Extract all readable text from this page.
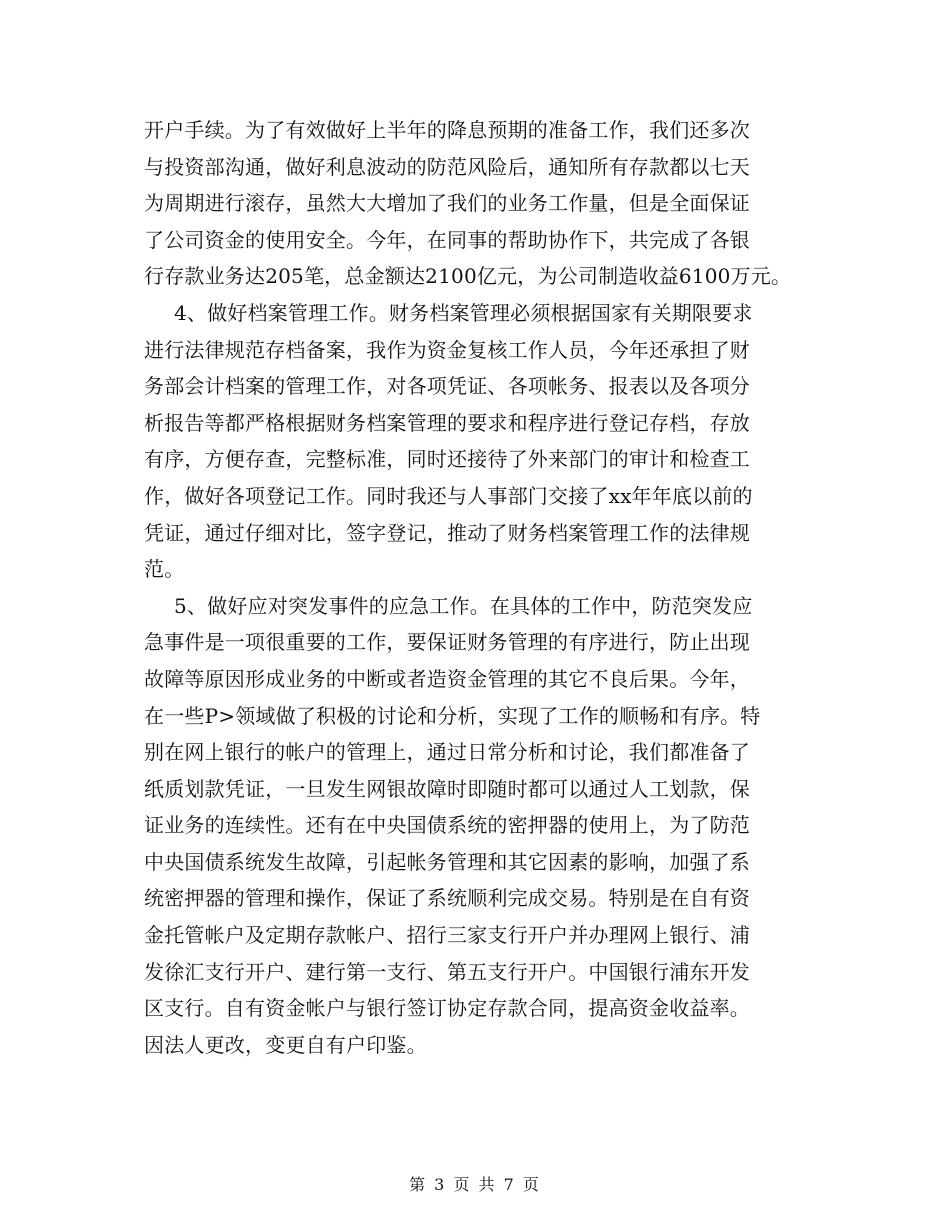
开户手续。为了有效做好上半年的降息预期的准备工作，我们还多次
与投资部沟通，做好利息波动的防范风险后，通知所有存款都以七天
为周期进行滚存，虽然大大增加了我们的业务工作量，但是全面保证
了公司资金的使用安全。今年，在同事的帮助协作下，共完成了各银
行存款业务达205笔，总金额达2100亿元，为公司制造收益6100万元。
4、做好档案管理工作。财务档案管理必须根据国家有关期限要求
进行法律规范存档备案，我作为资金复核工作人员，今年还承担了财
务部会计档案的管理工作，对各项凭证、各项帐务、报表以及各项分
析报告等都严格根据财务档案管理的要求和程序进行登记存档，存放
有序，方便存查，完整标准，同时还接待了外来部门的审计和检查工
作，做好各项登记工作。同时我还与人事部门交接了xx年年底以前的
凭证，通过仔细对比，签字登记，推动了财务档案管理工作的法律规
范。
5、做好应对突发事件的应急工作。在具体的工作中，防范突发应
急事件是一项很重要的工作，要保证财务管理的有序进行，防止出现
故障等原因形成业务的中断或者造资金管理的其它不良后果。今年，
在一些P>领域做了积极的讨论和分析，实现了工作的顺畅和有序。特
别在网上银行的帐户的管理上，通过日常分析和讨论，我们都准备了
纸质划款凭证，一旦发生网银故障时即随时都可以通过人工划款，保
证业务的连续性。还有在中央国债系统的密押器的使用上，为了防范
中央国债系统发生故障，引起帐务管理和其它因素的影响，加强了系
统密押器的管理和操作，保证了系统顺利完成交易。特别是在自有资
金托管帐户及定期存款帐户、招行三家支行开户并办理网上银行、浦
发徐汇支行开户、建行第一支行、第五支行开户。中国银行浦东开发
区支行。自有资金帐户与银行签订协定存款合同，提高资金收益率。
因法人更改，变更自有户印鉴。
第 3 页 共 7 页
